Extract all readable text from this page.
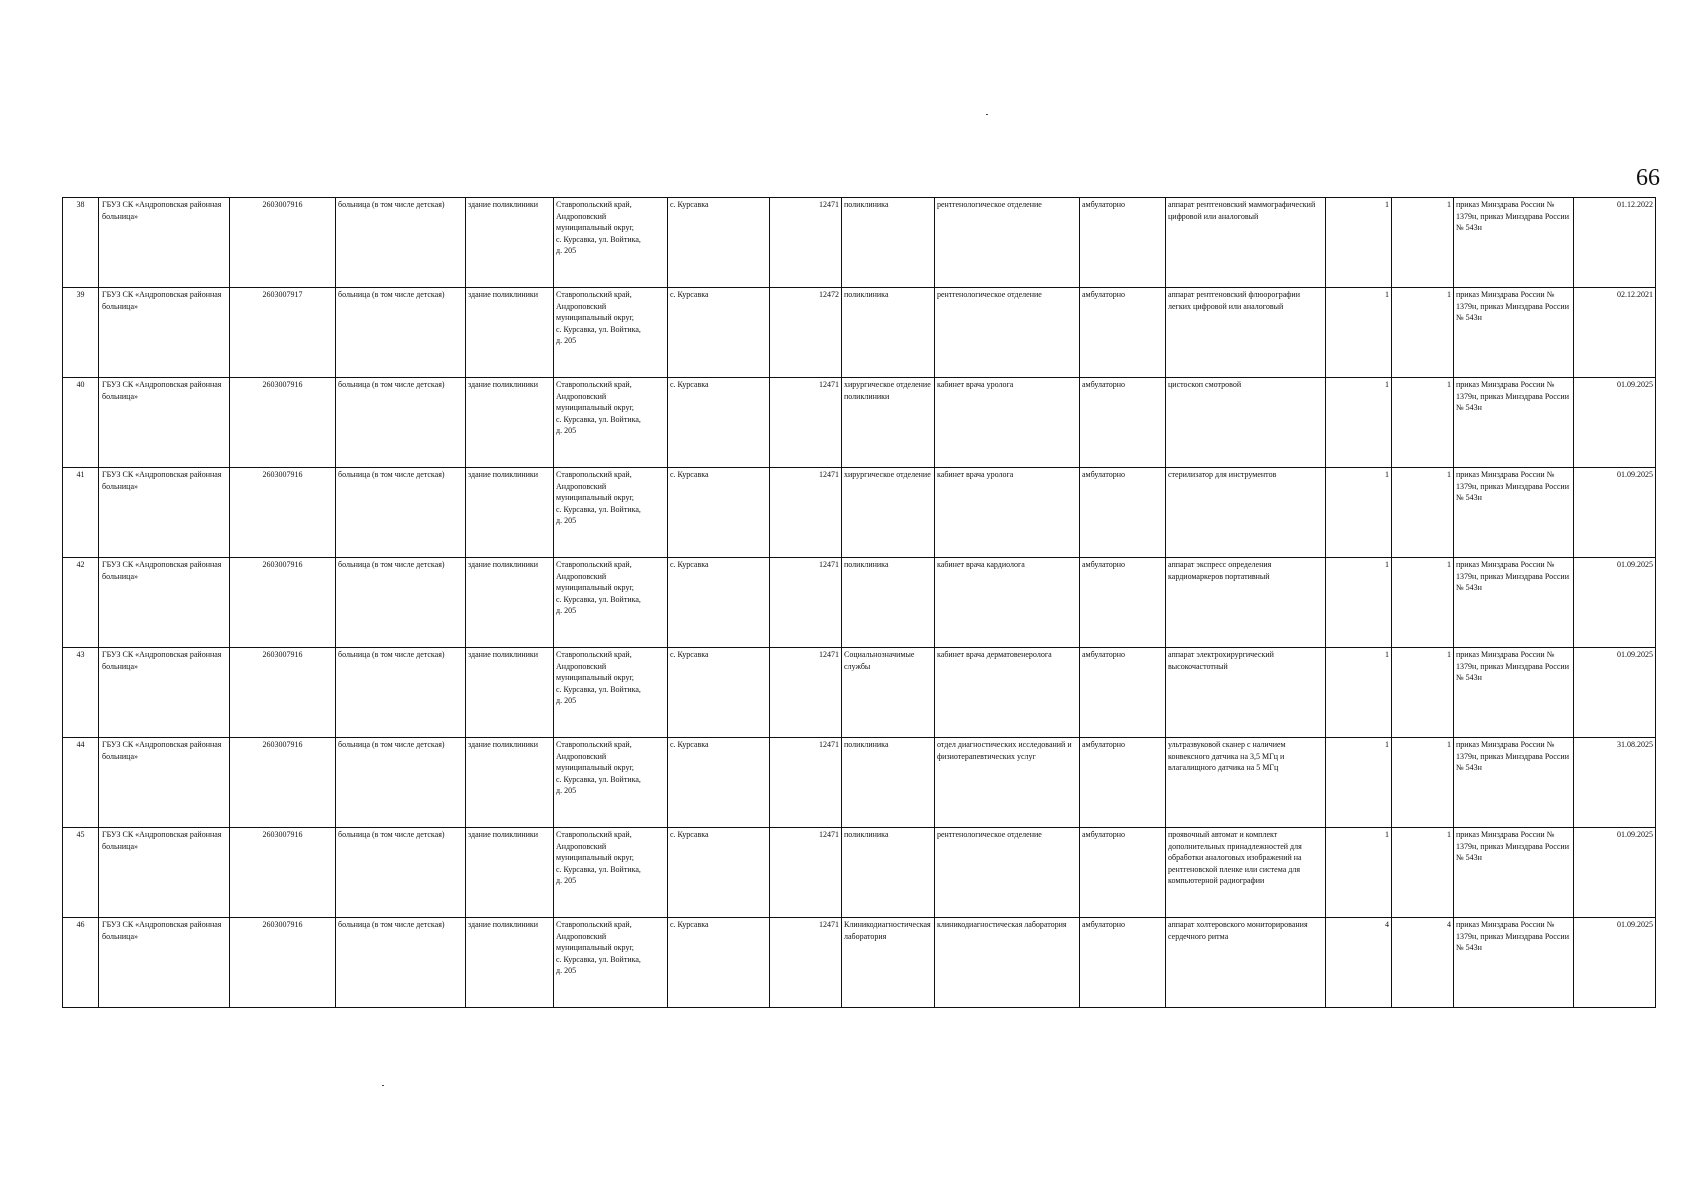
66
38	ГБУЗ СК «Андроповская районная больница»	2603007916	больница (в том числе детская)	здание поликлиники	Ставропольский край,
Андроповский
муниципальный округ,
с. Курсавка, ул. Войтика,
д. 205	с. Курсавка	12471	поликлиника	рентгенологическое отделение	амбулаторно	аппарат рентгеновский маммографический цифровой или аналоговый	1	1	приказ Минздрава России № 1379н, приказ Минздрава России № 543н	01.12.2022
39	ГБУЗ СК «Андроповская районная больница»	2603007917	больница (в том числе детская)	здание поликлиники	Ставропольский край,
Андроповский
муниципальный округ,
с. Курсавка, ул. Войтика,
д. 205	с. Курсавка	12472	поликлиника	рентгенологическое отделение	амбулаторно	аппарат рентгеновский флюорографии легких цифровой или аналоговый	1	1	приказ Минздрава России № 1379н, приказ Минздрава России № 543н	02.12.2021
40	ГБУЗ СК «Андроповская районная больница»	2603007916	больница (в том числе детская)	здание поликлиники	Ставропольский край,
Андроповский
муниципальный округ,
с. Курсавка, ул. Войтика,
д. 205	с. Курсавка	12471	хирургическое отделение поликлиники	кабинет врача уролога	амбулаторно	цистоскоп смотровой	1	1	приказ Минздрава России № 1379н, приказ Минздрава России № 543н	01.09.2025
41	ГБУЗ СК «Андроповская районная больница»	2603007916	больница (в том числе детская)	здание поликлиники	Ставропольский край,
Андроповский
муниципальный округ,
с. Курсавка, ул. Войтика,
д. 205	с. Курсавка	12471	хирургическое отделение	кабинет врача уролога	амбулаторно	стерилизатор для инструментов	1	1	приказ Минздрава России № 1379н, приказ Минздрава России № 543н	01.09.2025
42	ГБУЗ СК «Андроповская районная больница»	2603007916	больница (в том числе детская)	здание поликлиники	Ставропольский край,
Андроповский
муниципальный округ,
с. Курсавка, ул. Войтика,
д. 205	с. Курсавка	12471	поликлиника	кабинет врача кардиолога	амбулаторно	аппарат экспресс определения кардиомаркеров портативный	1	1	приказ Минздрава России № 1379н, приказ Минздрава России № 543н	01.09.2025
43	ГБУЗ СК «Андроповская районная больница»	2603007916	больница (в том числе детская)	здание поликлиники	Ставропольский край,
Андроповский
муниципальный округ,
с. Курсавка, ул. Войтика,
д. 205	с. Курсавка	12471	Социальнозначимые службы	кабинет врача дерматовенеролога	амбулаторно	аппарат электрохирургический высокочастотный	1	1	приказ Минздрава России № 1379н, приказ Минздрава России № 543н	01.09.2025
44	ГБУЗ СК «Андроповская районная больница»	2603007916	больница (в том числе детская)	здание поликлиники	Ставропольский край,
Андроповский
муниципальный округ,
с. Курсавка, ул. Войтика,
д. 205	с. Курсавка	12471	поликлиника	отдел диагностических исследований и физиотерапевтических услуг	амбулаторно	ультразвуковой сканер с наличием конвексного датчика на 3,5 МГц и влагалищного датчика на 5 МГц	1	1	приказ Минздрава России № 1379н, приказ Минздрава России № 543н	31.08.2025
45	ГБУЗ СК «Андроповская районная больница»	2603007916	больница (в том числе детская)	здание поликлиники	Ставропольский край,
Андроповский
муниципальный округ,
с. Курсавка, ул. Войтика,
д. 205	с. Курсавка	12471	поликлиника	рентгенологическое отделение	амбулаторно	проявочный автомат и комплект дополнительных принадлежностей для обработки аналоговых изображений на рентгеновской пленке или система для компьютерной радиографии	1	1	приказ Минздрава России № 1379н, приказ Минздрава России № 543н	01.09.2025
46	ГБУЗ СК «Андроповская районная больница»	2603007916	больница (в том числе детская)	здание поликлиники	Ставропольский край,
Андроповский
муниципальный округ,
с. Курсавка, ул. Войтика,
д. 205	с. Курсавка	12471	Клиникодиагностическая лаборатория	клиникодиагностическая лаборатория	амбулаторно	аппарат холтеровского мониторирования сердечного ритма	4	4	приказ Минздрава России № 1379н, приказ Минздрава России № 543н	01.09.2025
